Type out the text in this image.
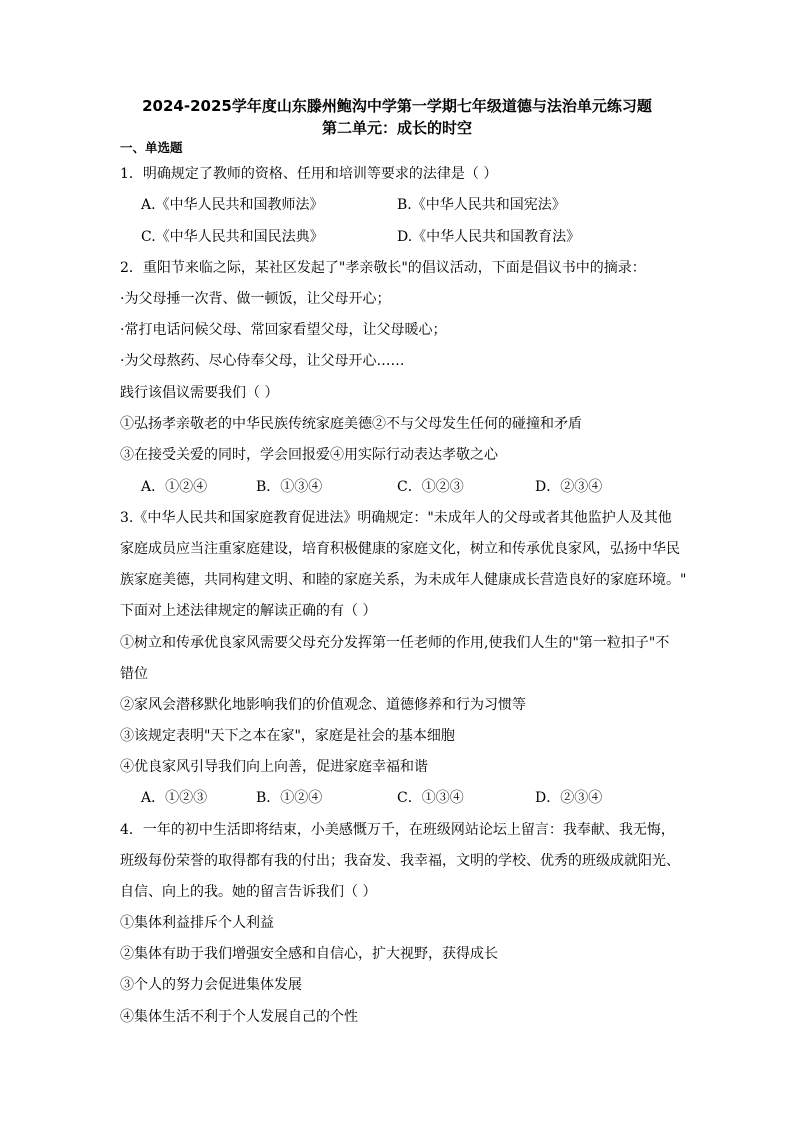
2024-2025学年度山东滕州鲍沟中学第一学期七年级道德与法治单元练习题
第二单元：成长的时空
一、单选题
1．明确规定了教师的资格、任用和培训等要求的法律是（ ）
A.《中华人民共和国教师法》	B.《中华人民共和国宪法》
C.《中华人民共和国民法典》	D.《中华人民共和国教育法》
2．重阳节来临之际，某社区发起了"孝亲敬长"的倡议活动，下面是倡议书中的摘录：
·为父母捶一次背、做一顿饭，让父母开心；
·常打电话问候父母、常回家看望父母，让父母暖心；
·为父母熬药、尽心侍奉父母，让父母开心……
践行该倡议需要我们（ ）
①弘扬孝亲敬老的中华民族传统家庭美德②不与父母发生任何的碰撞和矛盾
③在接受关爱的同时，学会回报爱④用实际行动表达孝敬之心
A．①②④	B．①③④	C．①②③	D．②③④
3.《中华人民共和国家庭教育促进法》明确规定："未成年人的父母或者其他监护人及其他
家庭成员应当注重家庭建设，培育积极健康的家庭文化，树立和传承优良家风，弘扬中华民
族家庭美德，共同构建文明、和睦的家庭关系，为未成年人健康成长营造良好的家庭环境。"
下面对上述法律规定的解读正确的有（ ）
①树立和传承优良家风需要父母充分发挥第一任老师的作用,使我们人生的"第一粒扣子"不
错位
②家风会潜移默化地影响我们的价值观念、道德修养和行为习惯等
③该规定表明"天下之本在家"，家庭是社会的基本细胞
④优良家风引导我们向上向善，促进家庭幸福和谐
A．①②③	B．①②④	C．①③④	D．②③④
4．一年的初中生活即将结束，小美感慨万千，在班级网站论坛上留言：我奉献、我无悔，
班级每份荣誉的取得都有我的付出；我奋发、我幸福，文明的学校、优秀的班级成就阳光、
自信、向上的我。她的留言告诉我们（ ）
①集体利益排斥个人利益
②集体有助于我们增强安全感和自信心，扩大视野，获得成长
③个人的努力会促进集体发展
④集体生活不利于个人发展自己的个性
